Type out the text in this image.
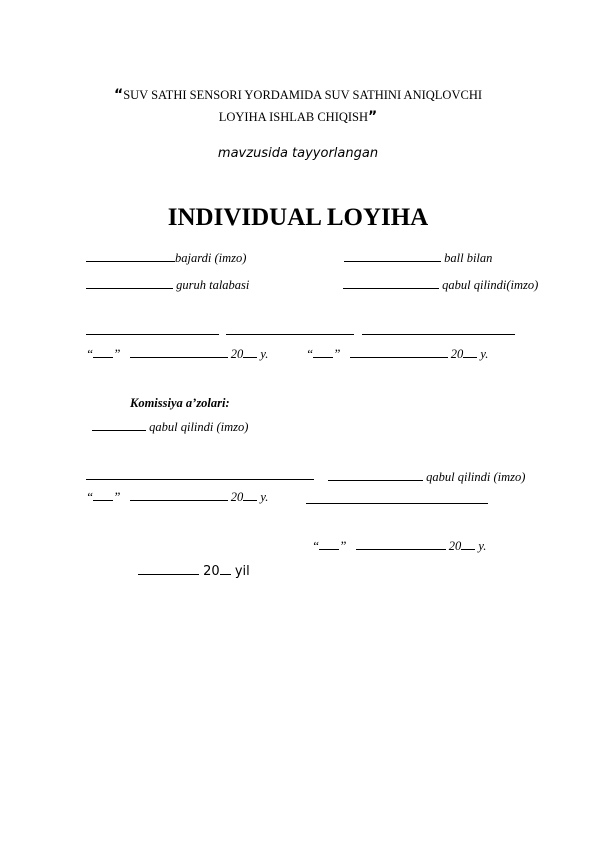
“SUV SATHI SENSORI YORDAMIDA SUV SATHINI ANIQLOVCHI
LOYIHA ISHLAB CHIQISH”
mavzusida tayyorlangan
INDIVIDUAL LOYIHA
bajardi (imzo)	ball bilan
guruh talabasi	qabul qilindi(imzo)

“ ”	20 y.	“ ”	20 y.
Komissiya a’zolari:
qabul qilindi (imzo)
qabul qilindi (imzo)
“ ”	20 y.
“ ”	20 y.
20 yil
